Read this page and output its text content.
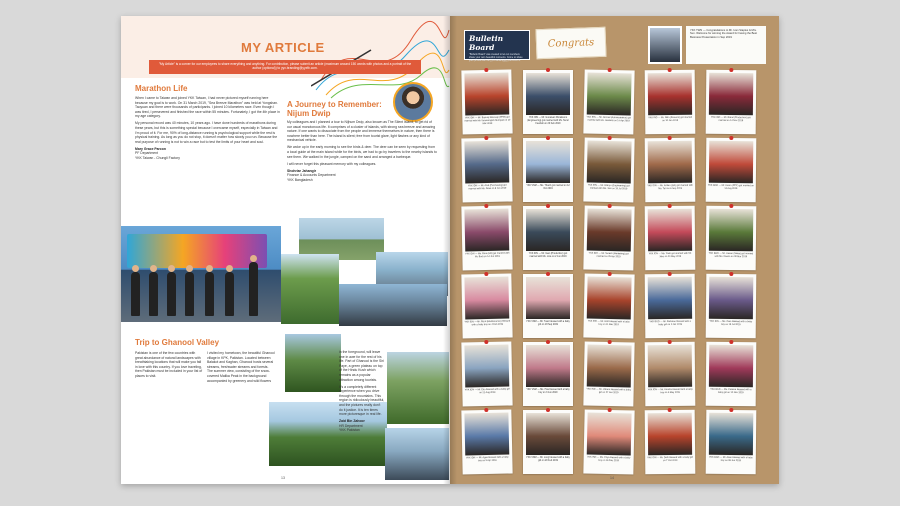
MY ARTICLE
"My Article" is a corner for our employees to share everything and anything. For contribution, please submit an article (maximum around 150 words with photos and a portrait of the author (optional)) to yyx.branding@yyxfb.com.
Marathon Life

When I came to Taiwan and joined YKK Taiwan, I had never pictured myself running here because my goal is to work. On 31 March 2019, "Sea Breeze Marathon" was held at Yongshan. Taoyuan and there were thousands of participants. I joined 10 kilometers race. Even though I was tired, I persevered and finished the race within 55 minutes. Fortunately, I got the 4th place in my age category.

My personal record was 40 minutes, 10 years ago. I have done hundreds of marathons during these years, but this is something special because I overcame myself, especially in Taiwan and I'm proud of it. For me, 90% of long-distance running is psychological support while the rest is physical training. As long as you do not stop, it doesn't matter how slowly you run. Because the real purpose of running is not to win a race but to test the limits of your heart and soul.

Mary Grace Parcon
PF Department
YKK Taiwan - Chungli Factory
A Journey to Remember: Nijum Dwip

My colleagues and I planned a tour to Nijhum Dwip, also known as The Silent Island, to get rid of our usual monotonous life. It comprises of a cluster of islands, with strong sea breeze and amazing nature. If one wants to dissociate from the people and immerse themselves in nature, then there is nowhere better than here. The island is silent; free from tourist glare, light flashes or any kind of mechanical vehicle.

We woke up in the early morning to see the birds & deer. The deer can be seen by requesting from a local guide at the main island while for the birds, we had to go by travelers to the nearby islands to see them. We walked in the jungle, camped on the sand and arranged a barbeque.

I will never forget this pleasant memory with my colleagues.

Shohriar Jahangir
Finance & Accounts Department
YKK Bangladesh
Trip to Ghanool Valley

Pakistan is one of the few countries with great abundance of natural landscapes with breathtaking locations that will make you fall in love with this country. If you love traveling, then Pakistan must be included in your list of places to visit.

I visited my hometown, the beautiful Ghanool village in KPK, Pakistan. Located between Balakot and Kaghan, Ghanool hosts several streams, freshwater streams and forests. The summer view, consisting of the snow-covered Malika Peak in the background accompanied by greenery and wild flowers

in the foreground, will leave one in awe for the rest of his life. Part of Ghanool is the Siri Paye, a green plateau on top of the Hindu Kush which remains as a popular attraction among tourists.

It's a completely different experience when you drive through the mountains. This region is ridiculously beautiful, and the pictures really don't do it justice. It is ten times more picturesque in real life.

Zaid Bin Zahoor
HR Department
YKK Pakistan
13
Bulletin Board
"Bulletin Board" was created to let our members share your own beautiful moments. Come to share your photos with us yyx.branding@yyxfb.com.cn
Congrats
YKK TWN — Congratulations to Mr. Ivan Staples & Mrs. Sun. Welcome for winning the Award for having the Best Business Presentation in Sep 2019
YKK IDN — Mr. Bayuaji Wisnuaji (PPM) got married with Ms Sumaningsih Murtiyati on 10 Mar 2019
YKK IDN — Mr. Gunawan Wicaksono (Engineering) got married with Ms. Nurul Fauziah on 20 Feb 2019
YKK IDN — Mr. Ahmad (Administration) got married with Ms. Hedianti on 14 Apr 2019
YKK IND — Mr. Nitin (Finance) got married on 10 Jan 2019
YKK IND — Mr. Rahul (Production) got married on 14 Nov 2019
YKK IDN — Mr. Andi (Purchasing) got married with Ms. Dewi on 8 Jun 2019
YKK VNM — Ms. Thanh got married on 12 Oct 2019
YKK IDN — Mr. Wahyu (Engineering) got married with Ms. Sari on 19 Jul 2019
YKK IDN — Mr. Ardian (QA) got married with Ms. Tari on 6 Sep 2019
YKK BGD — Mr. Karim (PPC) got married on 14 Aug 2019
YKK IDN — Ms. Rina (HR) got married with Mr. Budi on 14 Jun 2019
YKK IDN — Mr. Iwan (Production) got married with Ms. Lina on 2 Jun 2019
YKK IND — Mr. Suresh (Marketing) got married on 25 Apr 2019
YKK IDN — Ms. Yanti got married with Mr. Joko on 20 May 2019
YKK BGD — Mr. Hasan (Sales) got married with Ms. Nasrin on 30 Mar 2019
YKK IDN — Mr. Rizal (Maintenance) blessed with a baby boy on 4 Feb 2019
YKK VNM — Mr. Tuan blessed with a baby girl on 18 Sep 2019
YKK IND — Mr. Amit blessed with a baby boy on 11 Mar 2019
YKK BGD — Mr. Rahman blessed with a baby girl on 2 Oct 2019
YKK IDN — Ms. Dian blessed with a baby boy on 15 Jul 2019
YKK IDN — Mr. Eko blessed with a baby girl on 21 Aug 2019
YKK VNM — Ms. Hoa blessed with a baby boy on 3 Jun 2019
YKK IND — Mr. Vikram blessed with a baby girl on 27 Jan 2019
YKK IDN — Mr. Hendra blessed with a baby boy on 9 May 2019
YKK BGD — Ms. Fatema blessed with a baby girl on 12 Nov 2019
YKK IDN — Mr. Agus blessed with a baby boy on 5 Apr 2019
YKK VNM — Mr. Long blessed with a baby girl on 20 Feb 2019
YKK IND — Ms. Priya blessed with a baby boy on 16 Dec 2019
YKK IDN — Mr. Dedi blessed with a baby girl on 7 Oct 2019
YKK BGD — Mr. Alam blessed with a baby boy on 28 Jun 2019
14
